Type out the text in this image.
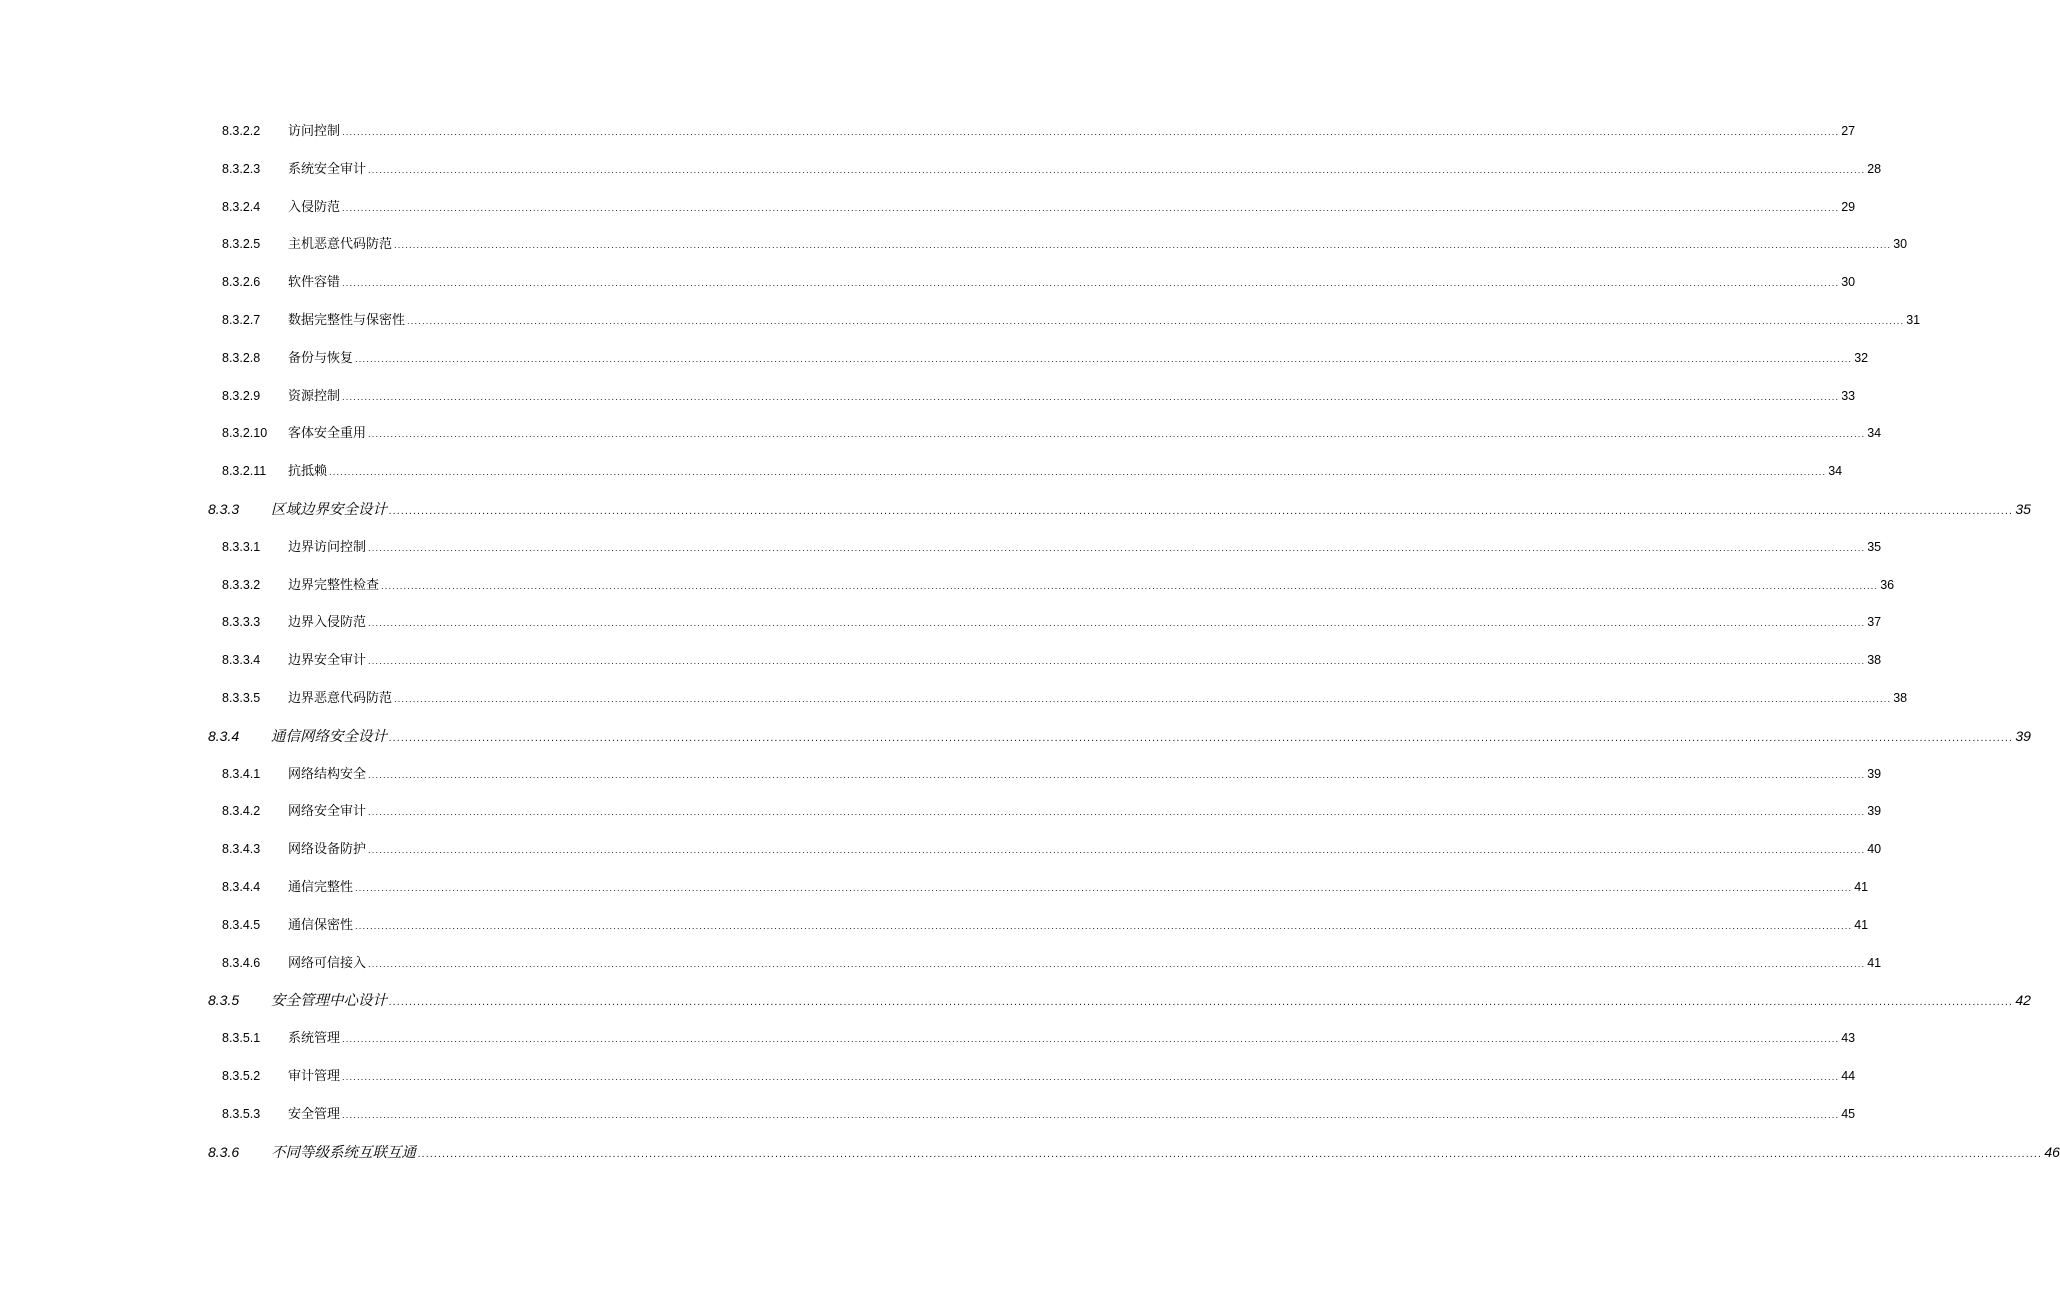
8.3.2.2 访问控制 ................................................................................................................................................................................................................................................................................................................................................................................................................ 27
8.3.2.3 系统安全审计 ................................................................................................................................................................................................................................................................................................................................................................................................................ 28
8.3.2.4 入侵防范 ................................................................................................................................................................................................................................................................................................................................................................................................................ 29
8.3.2.5 主机恶意代码防范 ................................................................................................................................................................................................................................................................................................................................................................................................................ 30
8.3.2.6 软件容错 ................................................................................................................................................................................................................................................................................................................................................................................................................ 30
8.3.2.7 数据完整性与保密性 ................................................................................................................................................................................................................................................................................................................................................................................................................ 31
8.3.2.8 备份与恢复 ................................................................................................................................................................................................................................................................................................................................................................................................................ 32
8.3.2.9 资源控制 ................................................................................................................................................................................................................................................................................................................................................................................................................ 33
8.3.2.10 客体安全重用 ................................................................................................................................................................................................................................................................................................................................................................................................................ 34
8.3.2.11 抗抵赖 ................................................................................................................................................................................................................................................................................................................................................................................................................ 34
8.3.3 区域边界安全设计 ................................................................................................................................................................................................................................................................................................................................................................................................................ 35
8.3.3.1 边界访问控制 ................................................................................................................................................................................................................................................................................................................................................................................................................ 35
8.3.3.2 边界完整性检查 ................................................................................................................................................................................................................................................................................................................................................................................................................ 36
8.3.3.3 边界入侵防范 ................................................................................................................................................................................................................................................................................................................................................................................................................ 37
8.3.3.4 边界安全审计 ................................................................................................................................................................................................................................................................................................................................................................................................................ 38
8.3.3.5 边界恶意代码防范 ................................................................................................................................................................................................................................................................................................................................................................................................................ 38
8.3.4 通信网络安全设计 ................................................................................................................................................................................................................................................................................................................................................................................................................ 39
8.3.4.1 网络结构安全 ................................................................................................................................................................................................................................................................................................................................................................................................................ 39
8.3.4.2 网络安全审计 ................................................................................................................................................................................................................................................................................................................................................................................................................ 39
8.3.4.3 网络设备防护 ................................................................................................................................................................................................................................................................................................................................................................................................................ 40
8.3.4.4 通信完整性 ................................................................................................................................................................................................................................................................................................................................................................................................................ 41
8.3.4.5 通信保密性 ................................................................................................................................................................................................................................................................................................................................................................................................................ 41
8.3.4.6 网络可信接入 ................................................................................................................................................................................................................................................................................................................................................................................................................ 41
8.3.5 安全管理中心设计 ................................................................................................................................................................................................................................................................................................................................................................................................................ 42
8.3.5.1 系统管理 ................................................................................................................................................................................................................................................................................................................................................................................................................ 43
8.3.5.2 审计管理 ................................................................................................................................................................................................................................................................................................................................................................................................................ 44
8.3.5.3 安全管理 ................................................................................................................................................................................................................................................................................................................................................................................................................ 45
8.3.6 不同等级系统互联互通 ................................................................................................................................................................................................................................................................................................................................................................................................................ 46
